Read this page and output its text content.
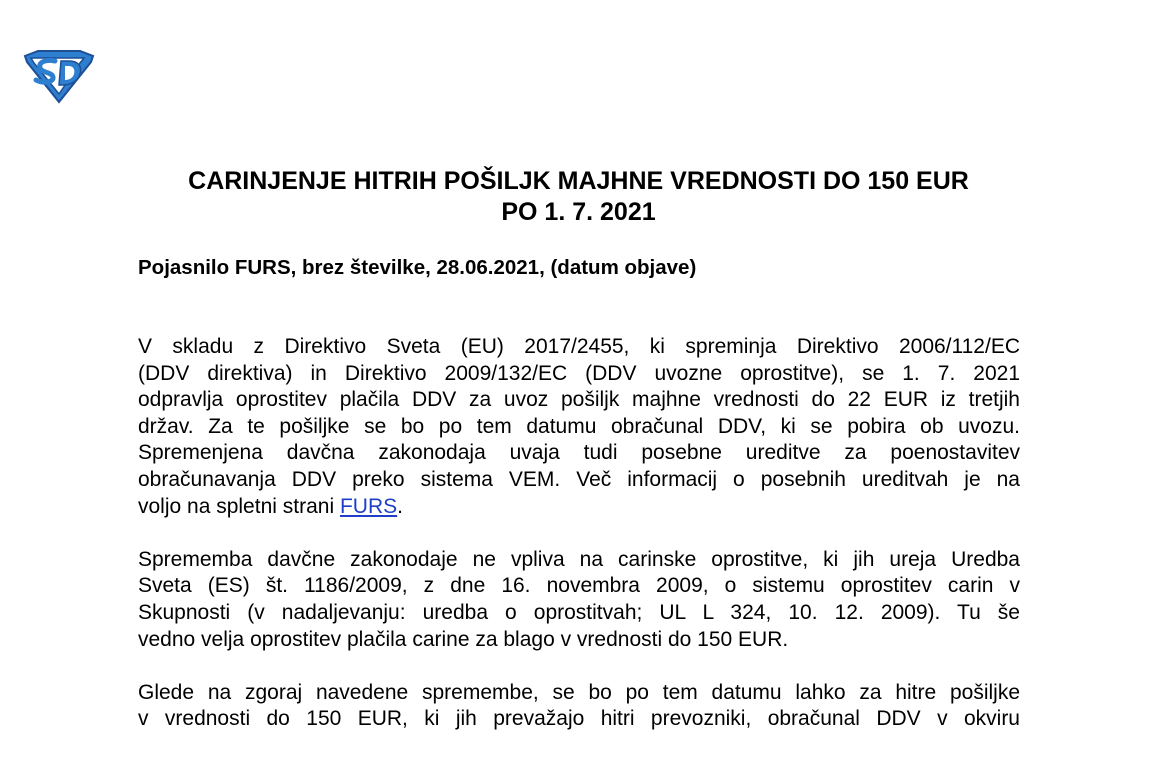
CARINJENJE HITRIH POŠILJK MAJHNE VREDNOSTI DO 150 EUR
PO 1. 7. 2021
Pojasnilo FURS, brez številke, 28.06.2021, (datum objave)

V skladu z Direktivo Sveta (EU) 2017/2455, ki spreminja Direktivo 2006/112/EC
(DDV direktiva) in Direktivo 2009/132/EC (DDV uvozne oprostitve), se 1. 7. 2021
odpravlja oprostitev plačila DDV za uvoz pošiljk majhne vrednosti do 22 EUR iz tretjih
držav. Za te pošiljke se bo po tem datumu obračunal DDV, ki se pobira ob uvozu.
Spremenjena davčna zakonodaja uvaja tudi posebne ureditve za poenostavitev
obračunavanja DDV preko sistema VEM. Več informacij o posebnih ureditvah je na
voljo na spletni strani FURS.

Sprememba davčne zakonodaje ne vpliva na carinske oprostitve, ki jih ureja Uredba
Sveta (ES) št. 1186/2009, z dne 16. novembra 2009, o sistemu oprostitev carin v
Skupnosti (v nadaljevanju: uredba o oprostitvah; UL L 324, 10. 12. 2009). Tu še
vedno velja oprostitev plačila carine za blago v vrednosti do 150 EUR.

Glede na zgoraj navedene spremembe, se bo po tem datumu lahko za hitre pošiljke
v vrednosti do 150 EUR, ki jih prevažajo hitri prevozniki, obračunal DDV v okviru
